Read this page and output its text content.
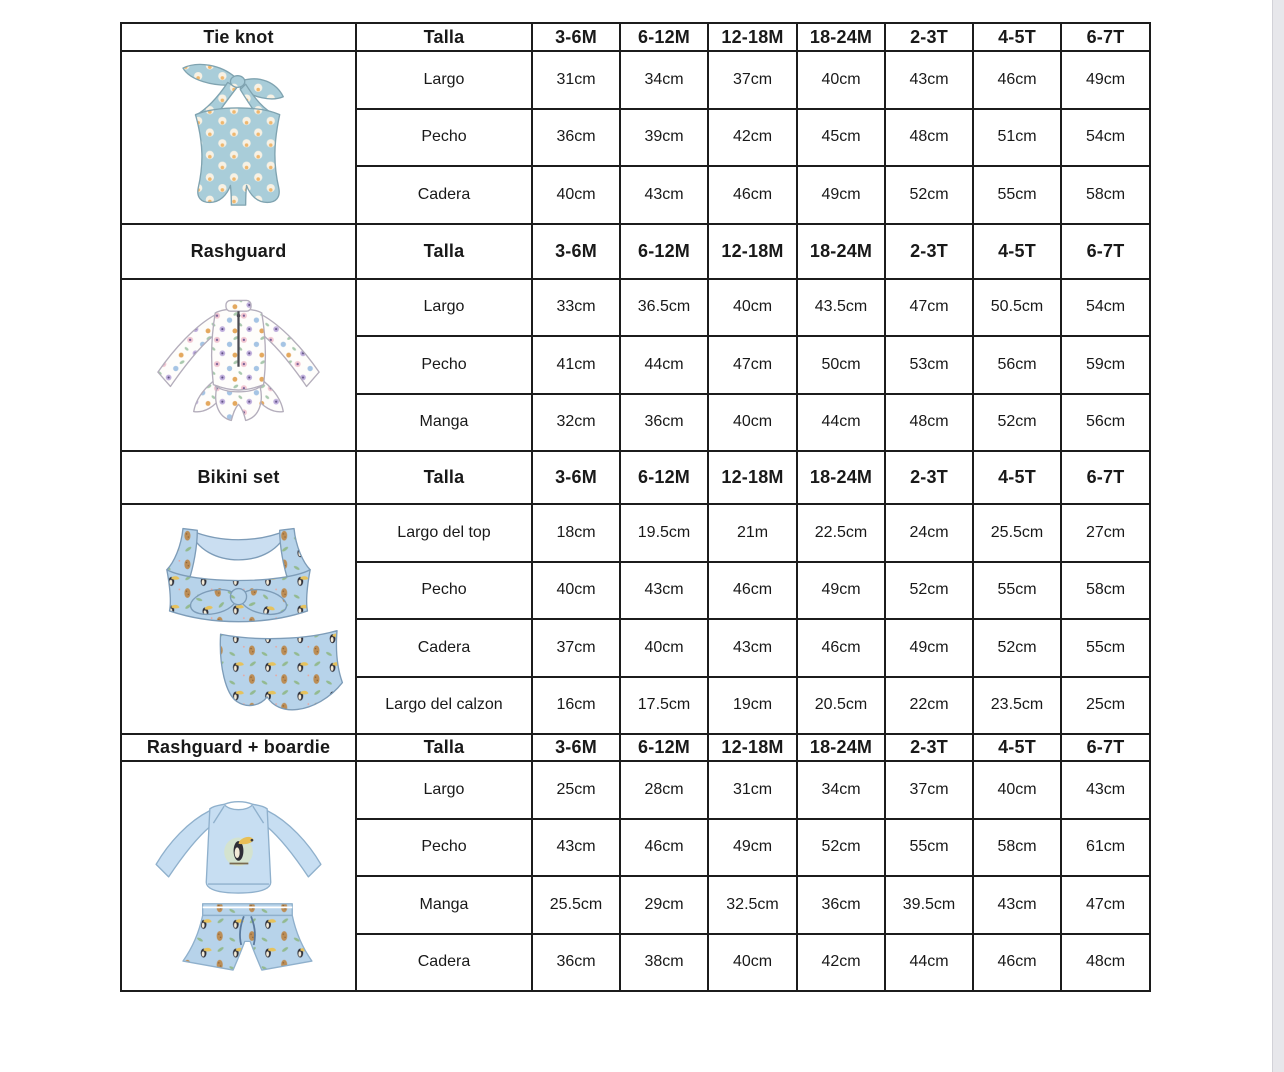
Tie knot	Talla	3-6M	6-12M	12-18M	18-24M	2-3T	4-5T	6-7T

	Largo	31cm	34cm	37cm	40cm	43cm	46cm	49cm
	Pecho	36cm	39cm	42cm	45cm	48cm	51cm	54cm
	Cadera	40cm	43cm	46cm	49cm	52cm	55cm	58cm
Rashguard	Talla	3-6M	6-12M	12-18M	18-24M	2-3T	4-5T	6-7T

	Largo	33cm	36.5cm	40cm	43.5cm	47cm	50.5cm	54cm
	Pecho	41cm	44cm	47cm	50cm	53cm	56cm	59cm
	Manga	32cm	36cm	40cm	44cm	48cm	52cm	56cm
Bikini set	Talla	3-6M	6-12M	12-18M	18-24M	2-3T	4-5T	6-7T

	Largo del top	18cm	19.5cm	21m	22.5cm	24cm	25.5cm	27cm
	Pecho	40cm	43cm	46cm	49cm	52cm	55cm	58cm
	Cadera	37cm	40cm	43cm	46cm	49cm	52cm	55cm
	Largo del calzon	16cm	17.5cm	19cm	20.5cm	22cm	23.5cm	25cm
Rashguard + boardie	Talla	3-6M	6-12M	12-18M	18-24M	2-3T	4-5T	6-7T

	Largo	25cm	28cm	31cm	34cm	37cm	40cm	43cm
	Pecho	43cm	46cm	49cm	52cm	55cm	58cm	61cm
	Manga	25.5cm	29cm	32.5cm	36cm	39.5cm	43cm	47cm
	Cadera	36cm	38cm	40cm	42cm	44cm	46cm	48cm
